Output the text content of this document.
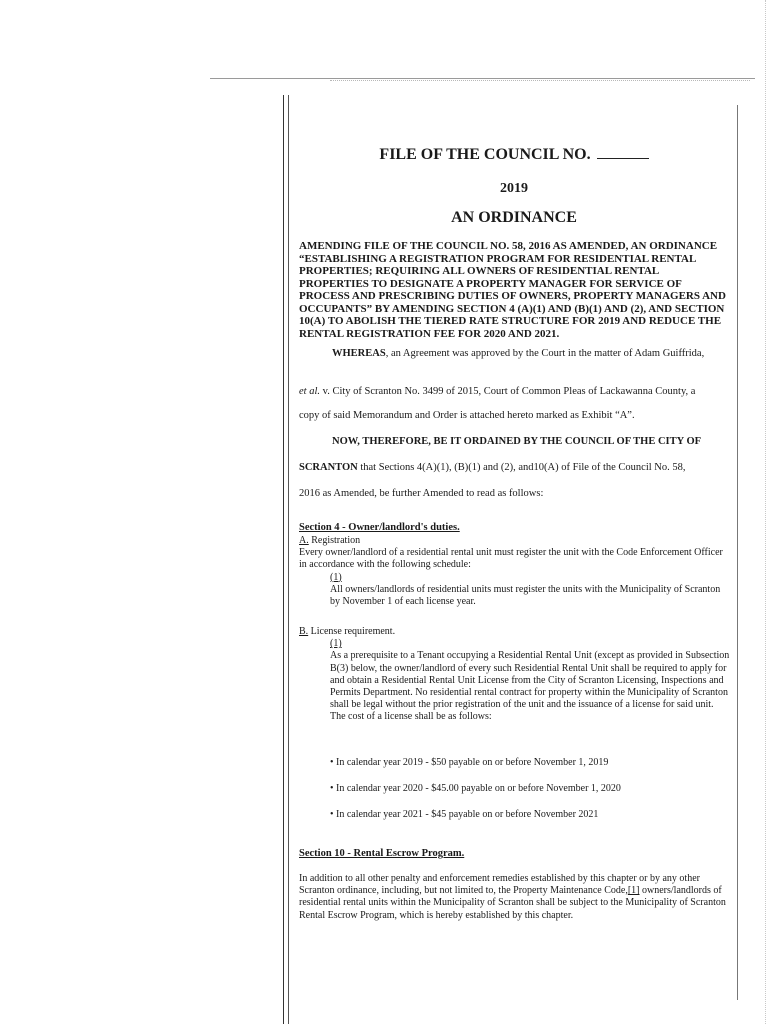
FILE OF THE COUNCIL NO.
2019
AN ORDINANCE
AMENDING FILE OF THE COUNCIL NO. 58, 2016 AS AMENDED, AN ORDINANCE “ESTABLISHING A REGISTRATION PROGRAM FOR RESIDENTIAL RENTAL PROPERTIES; REQUIRING ALL OWNERS OF RESIDENTIAL RENTAL PROPERTIES TO DESIGNATE A PROPERTY MANAGER FOR SERVICE OF PROCESS AND PRESCRIBING DUTIES OF OWNERS, PROPERTY MANAGERS AND OCCUPANTS” BY AMENDING SECTION 4 (A)(1) AND (B)(1) AND (2), AND SECTION 10(A) TO ABOLISH THE TIERED RATE STRUCTURE FOR 2019 AND REDUCE THE RENTAL REGISTRATION FEE FOR 2020 AND 2021.
WHEREAS, an Agreement was approved by the Court in the matter of Adam Guiffrida,
et al. v. City of Scranton No. 3499 of 2015, Court of Common Pleas of Lackawanna County, a
copy of said Memorandum and Order is attached hereto marked as Exhibit “A”.
NOW, THEREFORE, BE IT ORDAINED BY THE COUNCIL OF THE CITY OF
SCRANTON that Sections 4(A)(1), (B)(1) and (2), and10(A) of File of the Council No. 58,
2016 as Amended, be further Amended to read as follows:
Section 4 - Owner/landlord's duties.
A. Registration
Every owner/landlord of a residential rental unit must register the unit with the Code Enforcement Officer in accordance with the following schedule:
(1)
All owners/landlords of residential units must register the units with the Municipality of Scranton by November 1 of each license year.
B. License requirement.
(1)
As a prerequisite to a Tenant occupying a Residential Rental Unit (except as provided in Subsection B(3) below, the owner/landlord of every such Residential Rental Unit shall be required to apply for and obtain a Residential Rental Unit License from the City of Scranton Licensing, Inspections and Permits Department. No residential rental contract for property within the Municipality of Scranton shall be legal without the prior registration of the unit and the issuance of a license for said unit. The cost of a license shall be as follows:
• In calendar year 2019 - $50 payable on or before November 1, 2019
• In calendar year 2020 - $45.00 payable on or before November 1, 2020
• In calendar year 2021 - $45 payable on or before November 2021
Section 10 - Rental Escrow Program.
In addition to all other penalty and enforcement remedies established by this chapter or by any other Scranton ordinance, including, but not limited to, the Property Maintenance Code,[1] owners/landlords of residential rental units within the Municipality of Scranton shall be subject to the Municipality of Scranton Rental Escrow Program, which is hereby established by this chapter.
